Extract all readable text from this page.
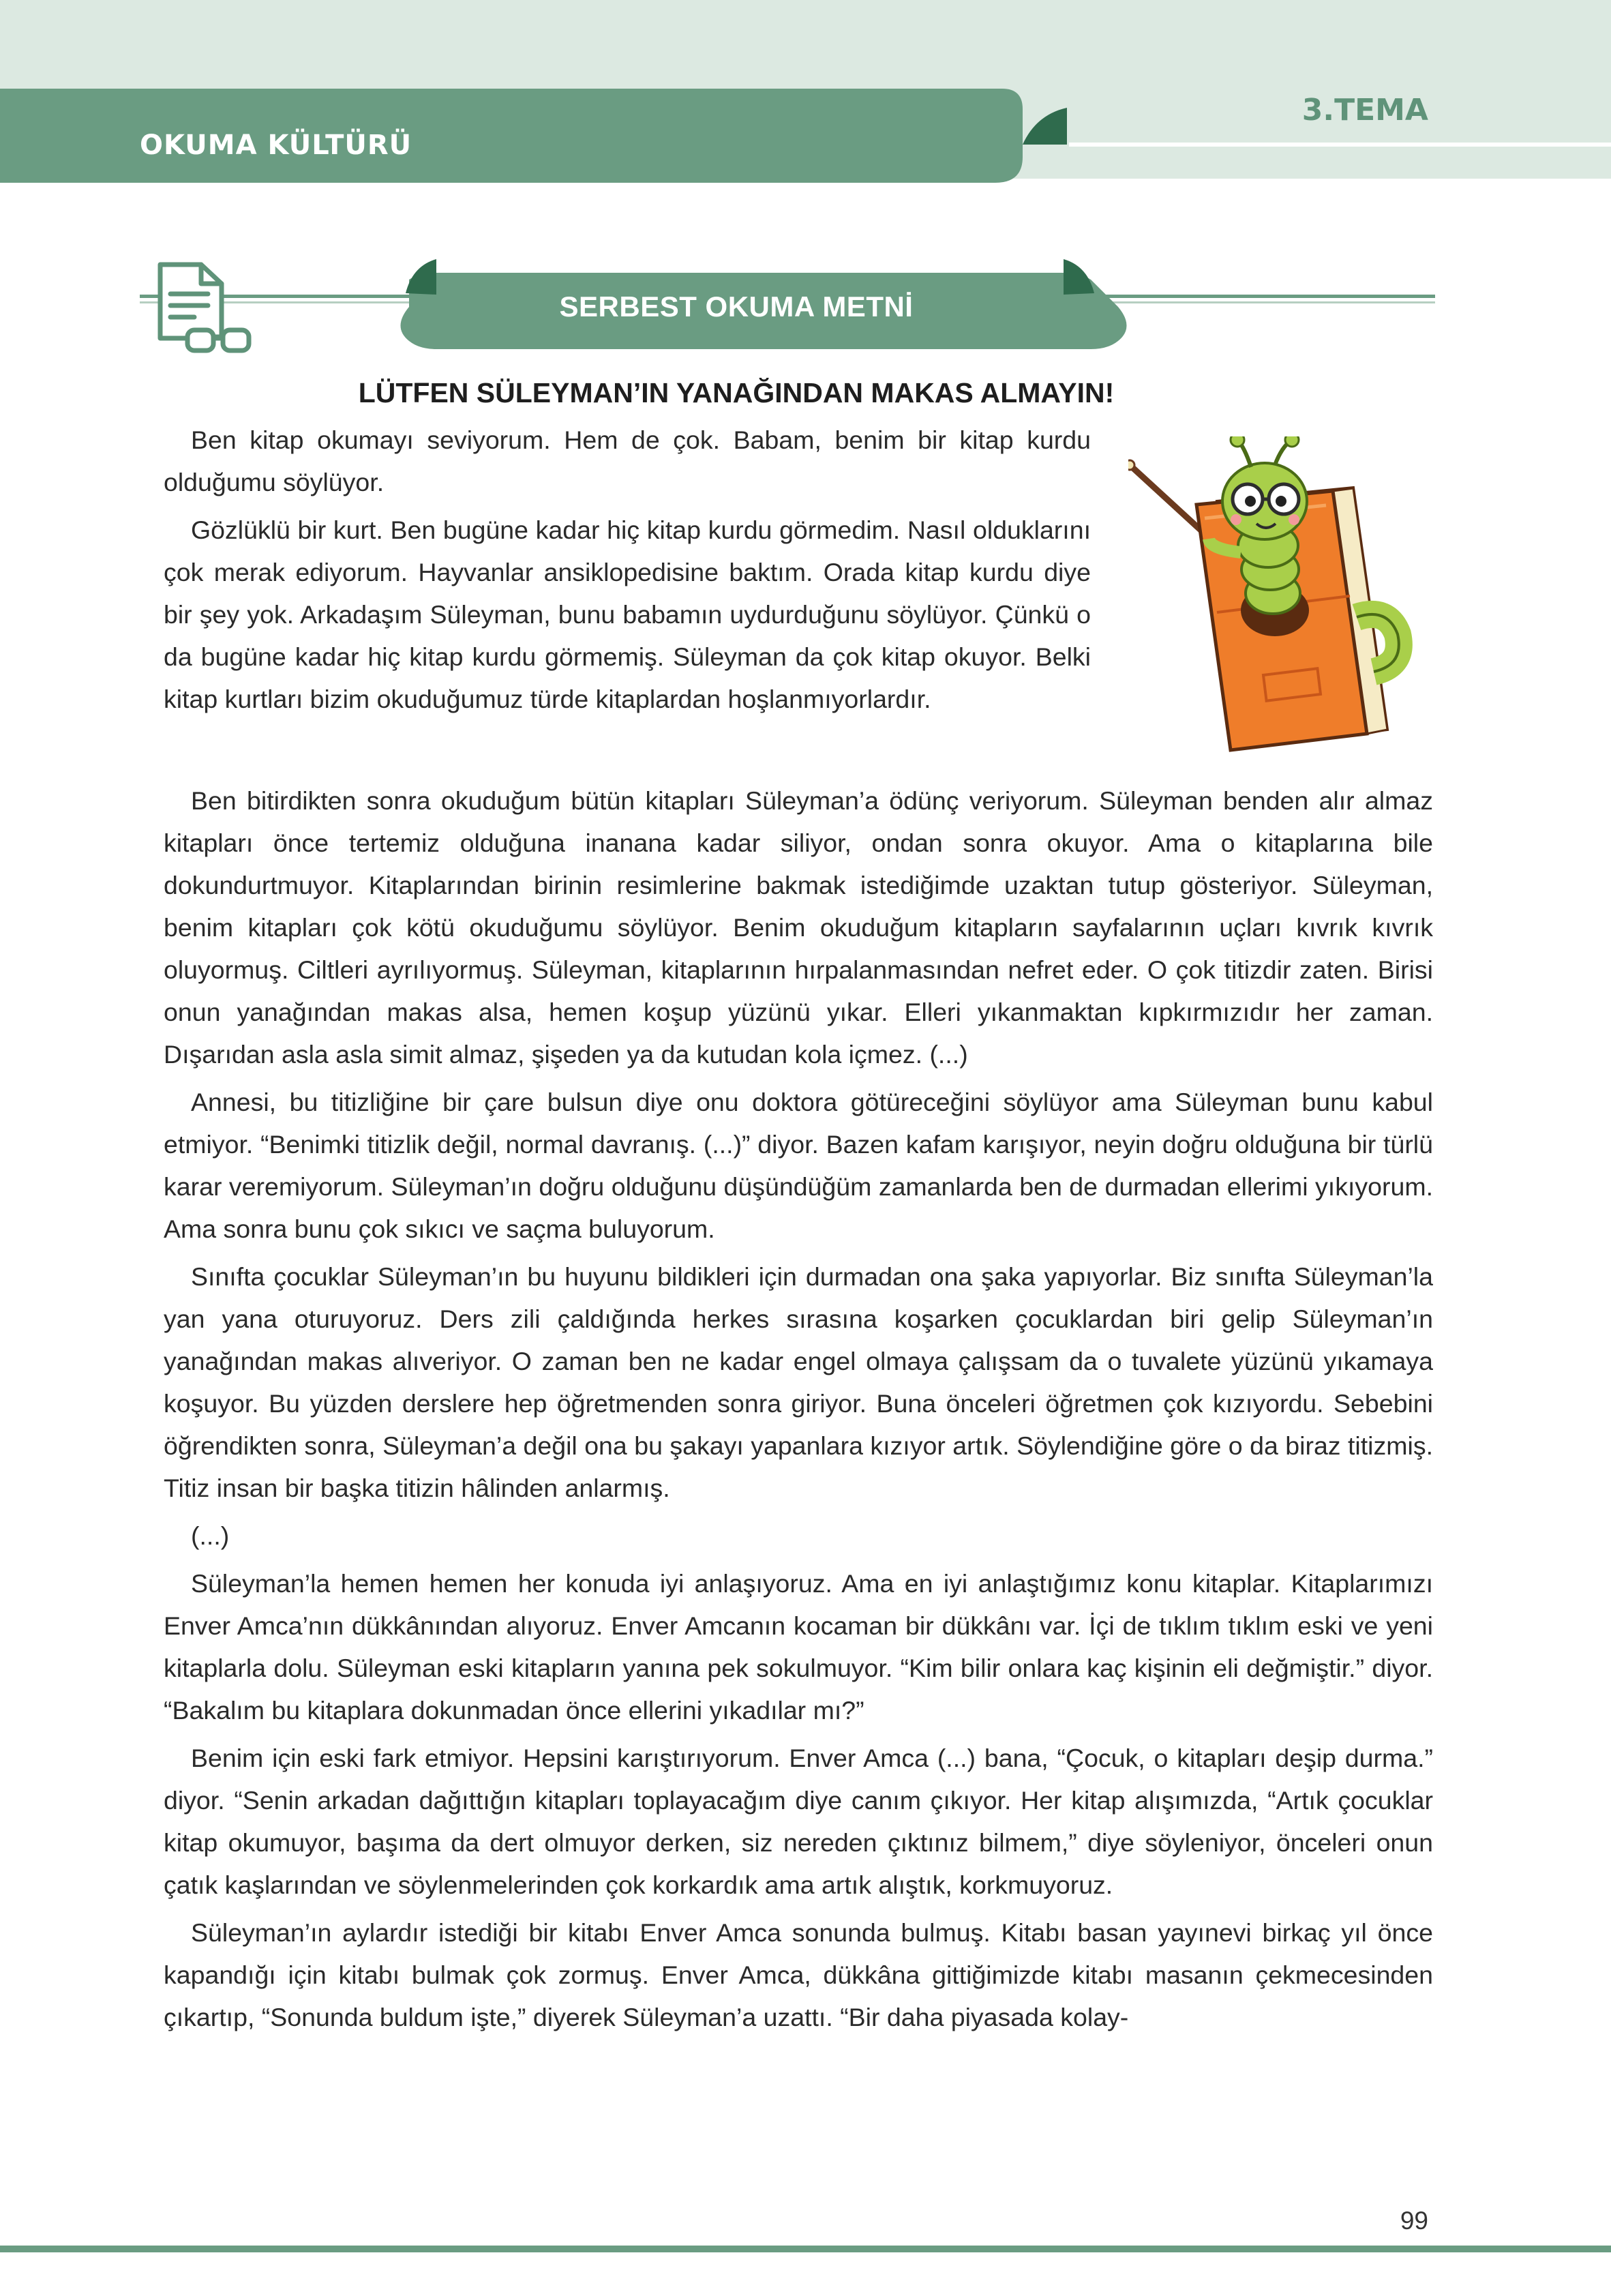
OKUMA KÜLTÜRÜ
3.TEMA
SERBEST OKUMA METNİ
LÜTFEN SÜLEYMAN’IN YANAĞINDAN MAKAS ALMAYIN!

Ben kitap okumayı seviyorum. Hem de çok. Babam, benim bir kitap kurdu olduğumu söylüyor.

Gözlüklü bir kurt. Ben bugüne kadar hiç kitap kurdu görmedim. Nasıl olduklarını çok merak ediyorum. Hayvanlar ansiklopedisine baktım. Orada kitap kurdu diye bir şey yok. Arkadaşım Süleyman, bunu babamın uydurduğunu söylüyor. Çünkü o da bugüne kadar hiç kitap kurdu görmemiş. Süleyman da çok kitap okuyor. Belki kitap kurtları bizim okuduğumuz türde kitaplardan hoşlanmıyorlardır.

Ben bitirdikten sonra okuduğum bütün kitapları Süleyman’a ödünç veriyorum. Süleyman benden alır almaz kitapları önce tertemiz olduğuna inanana kadar siliyor, ondan sonra okuyor. Ama o kitaplarına bile dokundurtmuyor. Kitaplarından birinin resimlerine bakmak istediğimde uzaktan tutup gösteriyor. Süleyman, benim kitapları çok kötü okuduğumu söylüyor. Benim okuduğum kitapların sayfalarının uçları kıvrık kıvrık oluyormuş. Ciltleri ayrılıyormuş. Süleyman, kitaplarının hırpalanmasından nefret eder. O çok titizdir zaten. Birisi onun yanağından makas alsa, hemen koşup yüzünü yıkar. Elleri yıkanmaktan kıpkırmızıdır her zaman. Dışarıdan asla asla simit almaz, şişeden ya da kutudan kola içmez. (...)

Annesi, bu titizliğine bir çare bulsun diye onu doktora götüreceğini söylüyor ama Süleyman bunu kabul etmiyor. “Benimki titizlik değil, normal davranış. (...)” diyor. Bazen kafam karışıyor, neyin doğru olduğuna bir türlü karar veremiyorum. Süleyman’ın doğru olduğunu düşündüğüm zamanlarda ben de durmadan ellerimi yıkıyorum. Ama sonra bunu çok sıkıcı ve saçma buluyorum.

Sınıfta çocuklar Süleyman’ın bu huyunu bildikleri için durmadan ona şaka yapıyorlar. Biz sınıfta Süleyman’la yan yana oturuyoruz. Ders zili çaldığında herkes sırasına koşarken çocuklardan biri gelip Süleyman’ın yanağından makas alıveriyor. O zaman ben ne kadar engel olmaya çalışsam da o tuvalete yüzünü yıkamaya koşuyor. Bu yüzden derslere hep öğretmenden sonra giriyor. Buna önceleri öğretmen çok kızıyordu. Sebebini öğrendikten sonra, Süleyman’a değil ona bu şakayı yapanlara kızıyor artık. Söylendiğine göre o da biraz titizmiş. Titiz insan bir başka titizin hâlinden anlarmış.

(...)

Süleyman’la hemen hemen her konuda iyi anlaşıyoruz. Ama en iyi anlaştığımız konu kitaplar. Kitaplarımızı Enver Amca’nın dükkânından alıyoruz. Enver Amcanın kocaman bir dükkânı var. İçi de tıklım tıklım eski ve yeni kitaplarla dolu. Süleyman eski kitapların yanına pek sokulmuyor. “Kim bilir onlara kaç kişinin eli değmiştir.” diyor. “Bakalım bu kitaplara dokunmadan önce ellerini yıkadılar mı?”

Benim için eski fark etmiyor. Hepsini karıştırıyorum. Enver Amca (...) bana, “Çocuk, o kitapları deşip durma.” diyor. “Senin arkadan dağıttığın kitapları toplayacağım diye canım çıkıyor. Her kitap alışımızda, “Artık çocuklar kitap okumuyor, başıma da dert olmuyor derken, siz nereden çıktınız bilmem,” diye söyleniyor, önceleri onun çatık kaşlarından ve söylenmelerinden çok korkardık ama artık alıştık, korkmuyoruz.

Süleyman’ın aylardır istediği bir kitabı Enver Amca sonunda bulmuş. Kitabı basan yayınevi birkaç yıl önce kapandığı için kitabı bulmak çok zormuş. Enver Amca, dükkâna gittiğimizde kitabı masanın çekmecesinden çıkartıp, “Sonunda buldum işte,” diyerek Süleyman’a uzattı. “Bir daha piyasada kolay-

99
